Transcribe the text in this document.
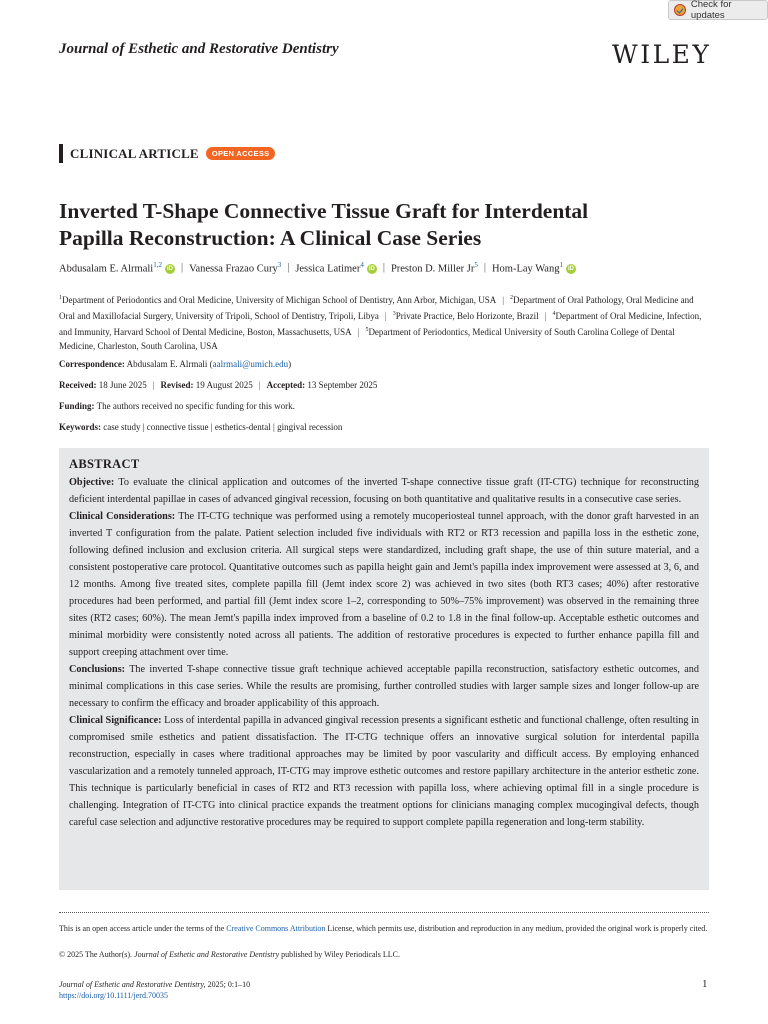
Check for updates
Journal of Esthetic and Restorative Dentistry	WILEY
CLINICAL ARTICLE	OPEN ACCESS
Inverted T-Shape Connective Tissue Graft for Interdental
Papilla Reconstruction: A Clinical Case Series
Abdusalam E. Alrmali$^{1,2}$iD | Vanessa Frazao Cury$^3$ | Jessica Latimer$^4$iD | Preston D. Miller Jr$^5$ | Hom-Lay Wang$^1$iD
$^1$Department of Periodontics and Oral Medicine, University of Michigan School of Dentistry, Ann Arbor, Michigan, USA | $^2$Department of Oral Pathology, Oral Medicine and Oral and Maxillofacial Surgery, University of Tripoli, School of Dentistry, Tripoli, Libya | $^3$Private Practice, Belo Horizonte, Brazil | $^4$Department of Oral Medicine, Infection, and Immunity, Harvard School of Dental Medicine, Boston, Massachusetts, USA | $^5$Department of Periodontics, Medical University of South Carolina College of Dental Medicine, Charleston, South Carolina, USA
Correspondence: Abdusalam E. Alrmali (aalrmali@umich.edu)
Received: 18 June 2025 | Revised: 19 August 2025 | Accepted: 13 September 2025
Funding: The authors received no specific funding for this work.
Keywords: case study | connective tissue | esthetics-dental | gingival recession
ABSTRACT

Objective: To evaluate the clinical application and outcomes of the inverted T-shape connective tissue graft (IT-CTG) technique for reconstructing deficient interdental papillae in cases of advanced gingival recession, focusing on both quantitative and qualitative results in a consecutive case series.

Clinical Considerations: The IT-CTG technique was performed using a remotely mucoperiosteal tunnel approach, with the donor graft harvested in an inverted T configuration from the palate. Patient selection included five individuals with RT2 or RT3 recession and papilla loss in the esthetic zone, following defined inclusion and exclusion criteria. All surgical steps were standardized, including graft shape, the use of thin suture material, and a consistent postoperative care protocol. Quantitative outcomes such as papilla height gain and Jemt's papilla index improvement were assessed at 3, 6, and 12 months. Among five treated sites, complete papilla fill (Jemt index score 2) was achieved in two sites (both RT3 cases; 40%) after restorative procedures had been performed, and partial fill (Jemt index score 1–2, corresponding to 50%–75% improvement) was observed in the remaining three sites (RT2 cases; 60%). The mean Jemt's papilla index improved from a baseline of 0.2 to 1.8 in the final follow-up. Acceptable esthetic outcomes and minimal morbidity were consistently noted across all patients. The addition of restorative procedures is expected to further enhance papilla fill and support creeping attachment over time.

Conclusions: The inverted T-shape connective tissue graft technique achieved acceptable papilla reconstruction, satisfactory esthetic outcomes, and minimal complications in this case series. While the results are promising, further controlled studies with larger sample sizes and longer follow-up are necessary to confirm the efficacy and broader applicability of this approach.

Clinical Significance: Loss of interdental papilla in advanced gingival recession presents a significant esthetic and functional challenge, often resulting in compromised smile esthetics and patient dissatisfaction. The IT-CTG technique offers an innovative surgical solution for interdental papilla reconstruction, especially in cases where traditional approaches may be limited by poor vascularity and difficult access. By employing enhanced vascularization and a remotely tunneled approach, IT-CTG may improve esthetic outcomes and restore papillary architecture in the anterior esthetic zone. This technique is particularly beneficial in cases of RT2 and RT3 recession with papilla loss, where achieving optimal fill in a single procedure is challenging. Integration of IT-CTG into clinical practice expands the treatment options for clinicians managing complex mucogingival defects, though careful case selection and adjunctive restorative procedures may be required to support complete papilla regeneration and long-term stability.

This is an open access article under the terms of the Creative Commons Attribution License, which permits use, distribution and reproduction in any medium, provided the original work is properly cited.
© 2025 The Author(s). Journal of Esthetic and Restorative Dentistry published by Wiley Periodicals LLC.
Journal of Esthetic and Restorative Dentistry, 2025; 0:1–10
https://doi.org/10.1111/jerd.70035
1
